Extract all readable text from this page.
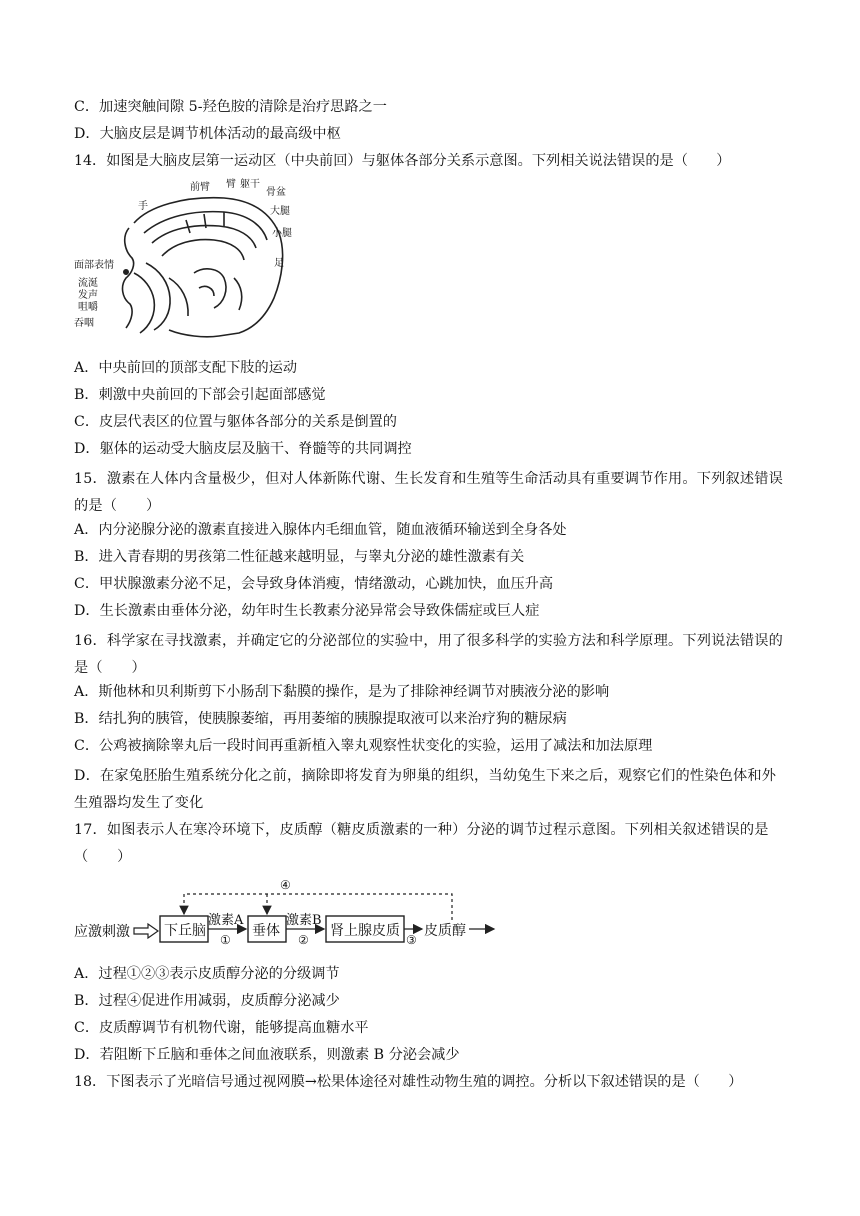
C．加速突触间隙 5-羟色胺的清除是治疗思路之一
D．大脑皮层是调节机体活动的最高级中枢
14．如图是大脑皮层第一运动区（中央前回）与躯体各部分关系示意图。下列相关说法错误的是（　　）
手
前臂 臂 躯干
骨盆
大腿
小腿
足
面部表情
流涎
发声
咀嚼
吞咽
A．中央前回的顶部支配下肢的运动
B．刺激中央前回的下部会引起面部感觉
C．皮层代表区的位置与躯体各部分的关系是倒置的
D．躯体的运动受大脑皮层及脑干、脊髓等的共同调控
15．激素在人体内含量极少，但对人体新陈代谢、生长发育和生殖等生命活动具有重要调节作用。下列叙述错误的是（　　）
A．内分泌腺分泌的激素直接进入腺体内毛细血管，随血液循环输送到全身各处
B．进入青春期的男孩第二性征越来越明显，与睾丸分泌的雄性激素有关
C．甲状腺激素分泌不足，会导致身体消瘦，情绪激动，心跳加快，血压升高
D．生长激素由垂体分泌，幼年时生长教素分泌异常会导致侏儒症或巨人症
16．科学家在寻找激素，并确定它的分泌部位的实验中，用了很多科学的实验方法和科学原理。下列说法错误的是（　　）
A．斯他林和贝利斯剪下小肠刮下黏膜的操作，是为了排除神经调节对胰液分泌的影响
B．结扎狗的胰管，使胰腺萎缩，再用萎缩的胰腺提取液可以来治疗狗的糖尿病
C．公鸡被摘除睾丸后一段时间再重新植入睾丸观察性状变化的实验，运用了减法和加法原理
D．在家兔胚胎生殖系统分化之前，摘除即将发育为卵巢的组织，当幼兔生下来之后，观察它们的性染色体和外生殖器均发生了变化
17．如图表示人在寒冷环境下，皮质醇（糖皮质激素的一种）分泌的调节过程示意图。下列相关叙述错误的是（　　）
应激刺激 下丘脑
激素A
①
垂体
激素B
②
肾上腺皮质
③
皮质醇
④
A．过程①②③表示皮质醇分泌的分级调节
B．过程④促进作用减弱，皮质醇分泌减少
C．皮质醇调节有机物代谢，能够提高血糖水平
D．若阻断下丘脑和垂体之间血液联系，则激素 B 分泌会减少
18．下图表示了光暗信号通过视网膜→松果体途径对雄性动物生殖的调控。分析以下叙述错误的是（　　）
